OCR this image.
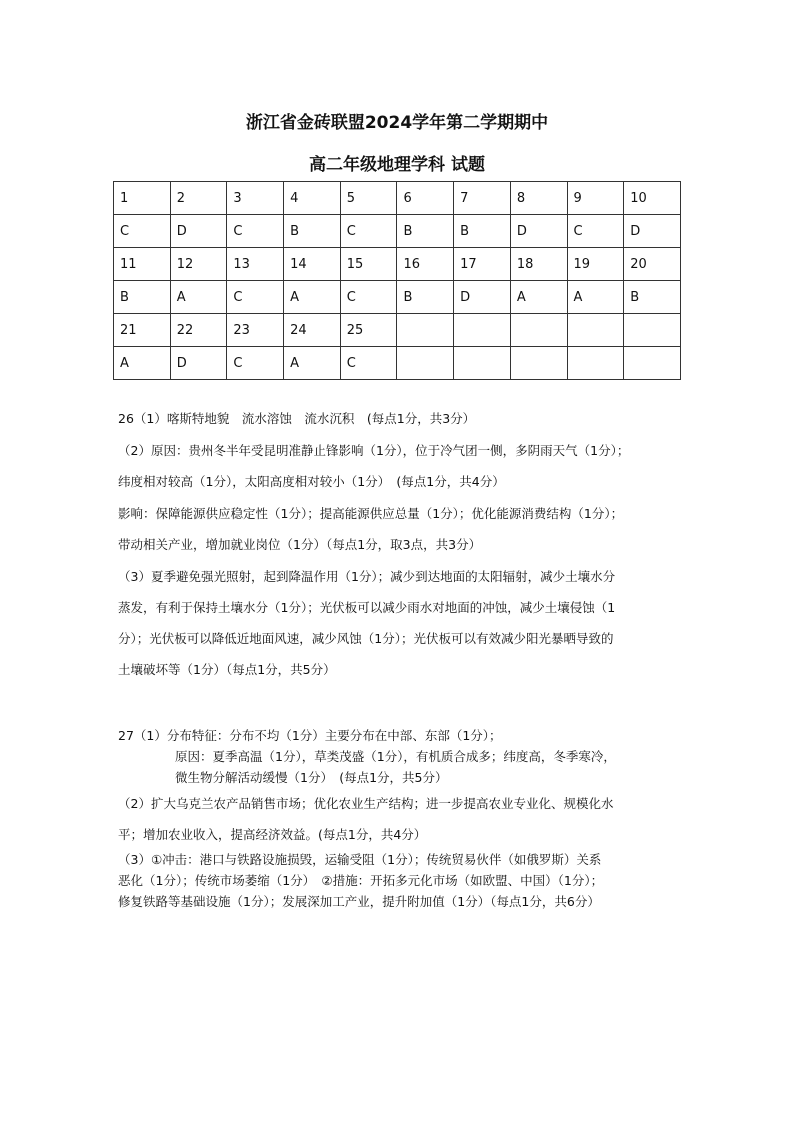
浙江省金砖联盟2024学年第二学期期中
高二年级地理学科 试题
1	2	3	4	5	6	7	8	9	10
C	D	C	B	C	B	B	D	C	D
11	12	13	14	15	16	17	18	19	20
B	A	C	A	C	B	D	A	A	B
21	22	23	24	25					
A	D	C	A	C					
26（1）喀斯特地貌　流水溶蚀　流水沉积　(每点1分，共3分）
（2）原因：贵州冬半年受昆明准静止锋影响（1分），位于冷气团一侧，多阴雨天气（1分）；
纬度相对较高（1分），太阳高度相对较小（1分）　(每点1分，共4分）
影响：保障能源供应稳定性（1分）；提高能源供应总量（1分）；优化能源消费结构（1分）；
带动相关产业，增加就业岗位（1分）（每点1分，取3点，共3分）
（3）夏季避免强光照射，起到降温作用（1分）；减少到达地面的太阳辐射，减少土壤水分
蒸发，有利于保持土壤水分（1分）；光伏板可以减少雨水对地面的冲蚀，减少土壤侵蚀（1
分）；光伏板可以降低近地面风速，减少风蚀（1分）；光伏板可以有效减少阳光暴晒导致的
土壤破坏等（1分）（每点1分，共5分）
27（1）分布特征：分布不均（1分）主要分布在中部、东部（1分）；
原因：夏季高温（1分），草类茂盛（1分），有机质合成多；纬度高，冬季寒冷，
微生物分解活动缓慢（1分）　(每点1分，共5分）
（2）扩大乌克兰农产品销售市场；优化农业生产结构；进一步提高农业专业化、规模化水
平；增加农业收入，提高经济效益。(每点1分，共4分）
（3）①冲击：港口与铁路设施损毁，运输受阻（1分）；传统贸易伙伴（如俄罗斯）关系
恶化（1分）；传统市场萎缩（1分）　②措施：开拓多元化市场（如欧盟、中国）（1分）；
修复铁路等基础设施（1分）；发展深加工产业，提升附加值（1分）（每点1分，共6分）
